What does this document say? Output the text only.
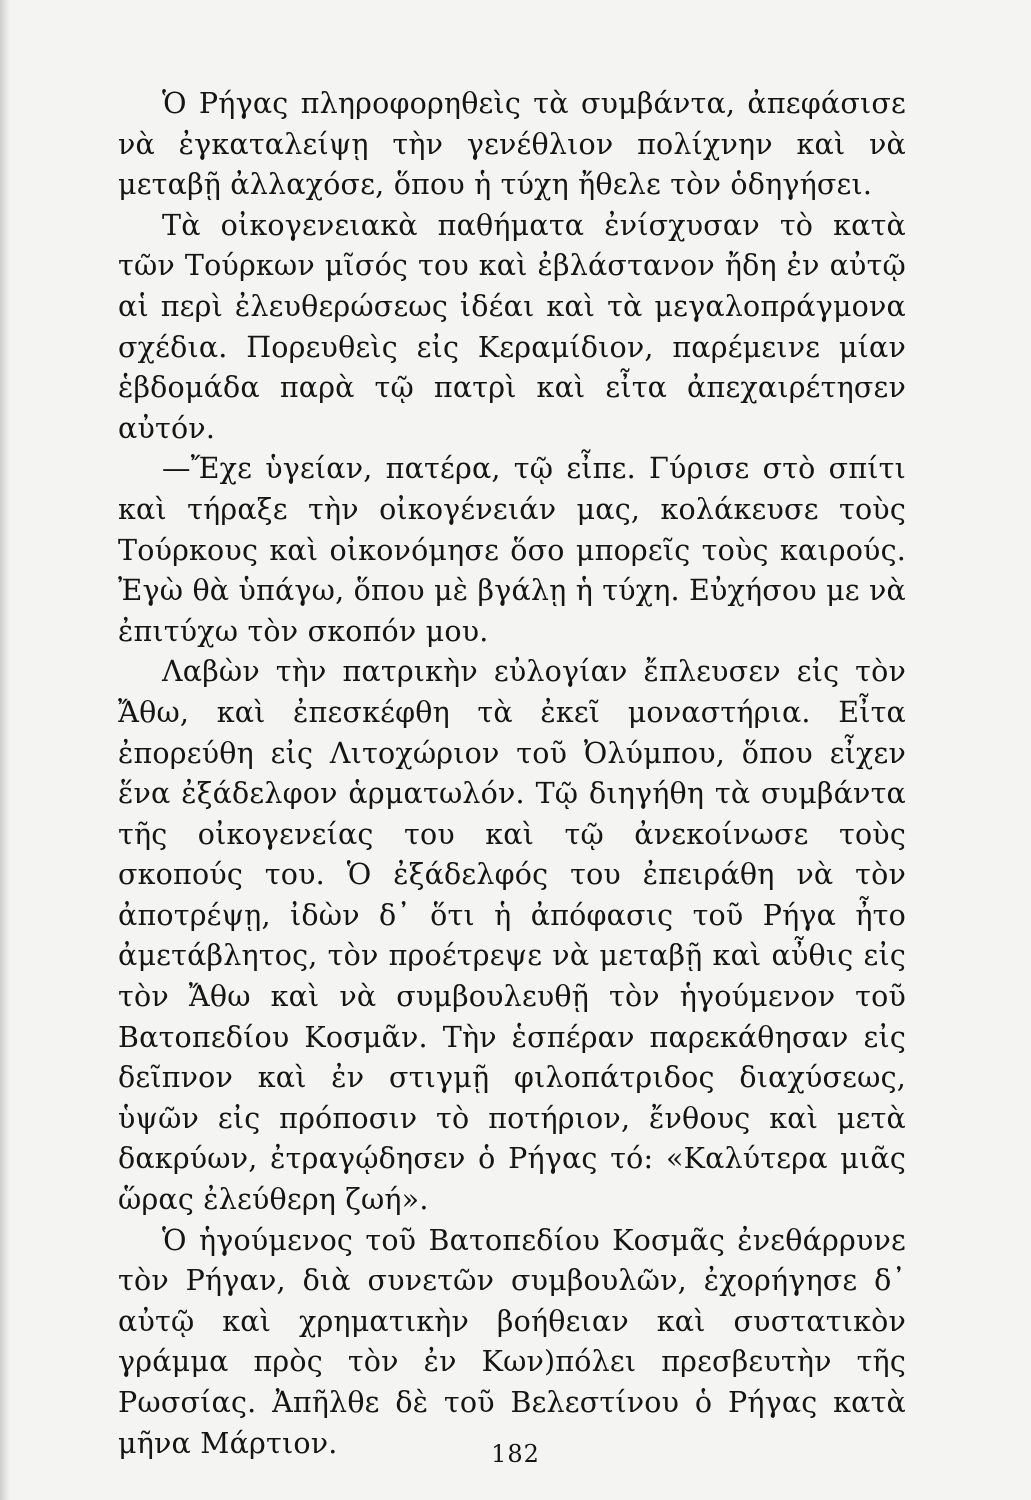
Ὁ Ρήγας πληροφορηθεὶς τὰ συμβάντα, ἀπεφάσισε νὰ ἐγκαταλείψῃ τὴν γενέθλιον πολίχνην καὶ νὰ μεταβῇ ἀλλαχόσε, ὅπου ἡ τύχη ἤθελε τὸν ὁδηγήσει.

Τὰ οἰκογενειακὰ παθήματα ἐνίσχυσαν τὸ κατὰ τῶν Τούρκων μῖσός του καὶ ἐβλάστανον ἤδη ἐν αὐτῷ αἱ περὶ ἐλευθερώσεως ἰδέαι καὶ τὰ μεγαλοπράγμονα σχέδια. Πορευθεὶς εἰς Κεραμίδιον, παρέμεινε μίαν ἑβδομάδα παρὰ τῷ πατρὶ καὶ εἶτα ἀπεχαιρέτησεν αὐτόν.

—Ἔχε ὑγείαν, πατέρα, τῷ εἶπε. Γύρισε στὸ σπίτι καὶ τήραξε τὴν οἰκογένειάν μας, κολάκευσε τοὺς Τούρκους καὶ οἰκονόμησε ὅσο μπορεῖς τοὺς καιρούς. Ἐγὼ θὰ ὑπάγω, ὅπου μὲ βγάλῃ ἡ τύχη. Εὐχήσου με νὰ ἐπιτύχω τὸν σκοπόν μου.

Λαβὼν τὴν πατρικὴν εὐλογίαν ἔπλευσεν εἰς τὸν Ἄθω, καὶ ἐπεσκέφθη τὰ ἐκεῖ μοναστήρια. Εἶτα ἐπορεύθη εἰς Λιτοχώριον τοῦ Ὀλύμπου, ὅπου εἶχεν ἕνα ἐξάδελφον ἁρματωλόν. Τῷ διηγήθη τὰ συμβάντα τῆς οἰκογενείας του καὶ τῷ ἀνεκοίνωσε τοὺς σκοπούς του. Ὁ ἐξάδελφός του ἐπειράθη νὰ τὸν ἀποτρέψῃ, ἰδὼν δ᾽ ὅτι ἡ ἀπόφασις τοῦ Ρήγα ἦτο ἀμετάβλητος, τὸν προέτρεψε νὰ μεταβῇ καὶ αὖθις εἰς τὸν Ἄθω καὶ νὰ συμβουλευθῇ τὸν ἡγούμενον τοῦ Βατοπεδίου Κοσμᾶν. Τὴν ἑσπέραν παρεκάθησαν εἰς δεῖπνον καὶ ἐν στιγμῇ φιλοπάτριδος διαχύσεως, ὑψῶν εἰς πρόποσιν τὸ ποτήριον, ἔνθους καὶ μετὰ δακρύων, ἐτραγῴδησεν ὁ Ρήγας τό: «Καλύτερα μιᾶς ὥρας ἐλεύθερη ζωή».

Ὁ ἡγούμενος τοῦ Βατοπεδίου Κοσμᾶς ἐνεθάρρυνε τὸν Ρήγαν, διὰ συνετῶν συμβουλῶν, ἐχορήγησε δ᾽ αὐτῷ καὶ χρηματικὴν βοήθειαν καὶ συστατικὸν γράμμα πρὸς τὸν ἐν Κων)πόλει πρεσβευτὴν τῆς Ρωσσίας. Ἀπῆλθε δὲ τοῦ Βελεστίνου ὁ Ρήγας κατὰ μῆνα Μάρτιον.	182
